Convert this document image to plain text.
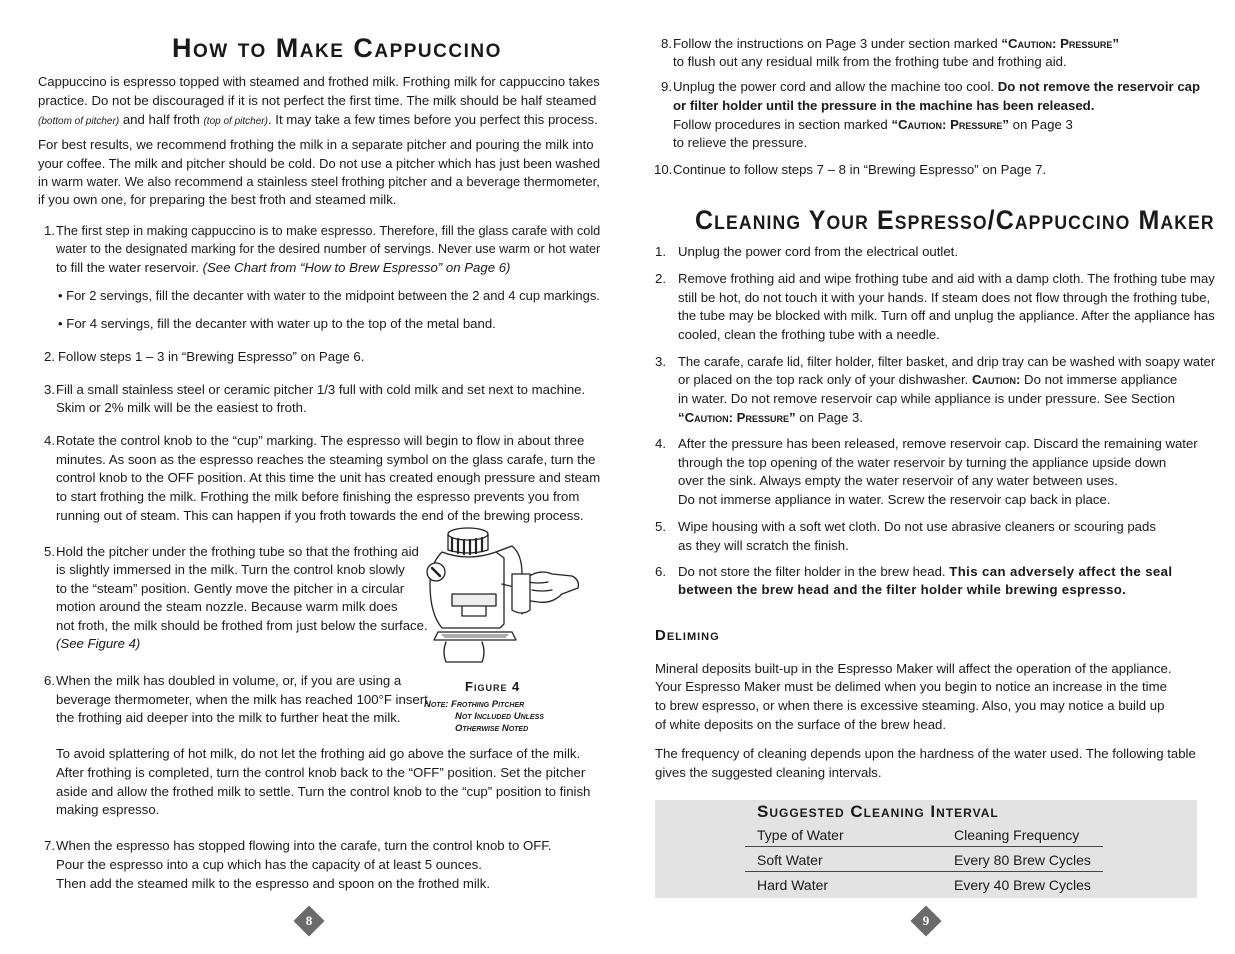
How to Make Cappuccino
Cappuccino is espresso topped with steamed and frothed milk. Frothing milk for cappuccino takes
practice. Do not be discouraged if it is not perfect the first time. The milk should be half steamed
(bottom of pitcher) and half froth (top of pitcher). It may take a few times before you perfect this process.
For best results, we recommend frothing the milk in a separate pitcher and pouring the milk into
your coffee. The milk and pitcher should be cold. Do not use a pitcher which has just been washed
in warm water. We also recommend a stainless steel frothing pitcher and a beverage thermometer,
if you own one, for preparing the best froth and steamed milk.
1. The first step in making cappuccino is to make espresso. Therefore, fill the glass carafe with cold
water to the designated marking for the desired number of servings. Never use warm or hot water
to fill the water reservoir. (See Chart from “How to Brew Espresso” on Page 6)
• For 2 servings, fill the decanter with water to the midpoint between the 2 and 4 cup markings.
• For 4 servings, fill the decanter with water up to the top of the metal band.
2. Follow steps 1 – 3 in “Brewing Espresso” on Page 6.
3. Fill a small stainless steel or ceramic pitcher 1/3 full with cold milk and set next to machine.
Skim or 2% milk will be the easiest to froth.
4. Rotate the control knob to the “cup” marking. The espresso will begin to flow in about three
minutes. As soon as the espresso reaches the steaming symbol on the glass carafe, turn the
control knob to the OFF position. At this time the unit has created enough pressure and steam
to start frothing the milk. Frothing the milk before finishing the espresso prevents you from
running out of steam. This can happen if you froth towards the end of the brewing process.
5. Hold the pitcher under the frothing tube so that the frothing aid
is slightly immersed in the milk. Turn the control knob slowly
to the “steam” position. Gently move the pitcher in a circular
motion around the steam nozzle. Because warm milk does
not froth, the milk should be frothed from just below the surface.
(See Figure 4)
Figure 4
Note: Frothing Pitcher
Not Included Unless
Otherwise Noted
6. When the milk has doubled in volume, or, if you are using a
beverage thermometer, when the milk has reached 100°F insert
the frothing aid deeper into the milk to further heat the milk.
To avoid splattering of hot milk, do not let the frothing aid go above the surface of the milk.
After frothing is completed, turn the control knob back to the “OFF” position. Set the pitcher
aside and allow the frothed milk to settle. Turn the control knob to the “cup” position to finish
making espresso.
7. When the espresso has stopped flowing into the carafe, turn the control knob to OFF.
Pour the espresso into a cup which has the capacity of at least 5 ounces.
Then add the steamed milk to the espresso and spoon on the frothed milk.
8
8. Follow the instructions on Page 3 under section marked “Caution: Pressure”
to flush out any residual milk from the frothing tube and frothing aid.
9. Unplug the power cord and allow the machine too cool. Do not remove the reservoir cap
or filter holder until the pressure in the machine has been released.
Follow procedures in section marked “Caution: Pressure” on Page 3
to relieve the pressure.
10. Continue to follow steps 7 – 8 in “Brewing Espresso” on Page 7.
Cleaning Your Espresso/Cappuccino Maker
1. Unplug the power cord from the electrical outlet.
2. Remove frothing aid and wipe frothing tube and aid with a damp cloth. The frothing tube may
still be hot, do not touch it with your hands. If steam does not flow through the frothing tube,
the tube may be blocked with milk. Turn off and unplug the appliance. After the appliance has
cooled, clean the frothing tube with a needle.
3. The carafe, carafe lid, filter holder, filter basket, and drip tray can be washed with soapy water
or placed on the top rack only of your dishwasher. Caution: Do not immerse appliance
in water. Do not remove reservoir cap while appliance is under pressure. See Section
“Caution: Pressure” on Page 3.
4. After the pressure has been released, remove reservoir cap. Discard the remaining water
through the top opening of the water reservoir by turning the appliance upside down
over the sink. Always empty the water reservoir of any water between uses.
Do not immerse appliance in water. Screw the reservoir cap back in place.
5. Wipe housing with a soft wet cloth. Do not use abrasive cleaners or scouring pads
as they will scratch the finish.
6. Do not store the filter holder in the brew head. This can adversely affect the seal
between the brew head and the filter holder while brewing espresso.
Deliming
Mineral deposits built-up in the Espresso Maker will affect the operation of the appliance.
Your Espresso Maker must be delimed when you begin to notice an increase in the time
to brew espresso, or when there is excessive steaming. Also, you may notice a build up
of white deposits on the surface of the brew head.
The frequency of cleaning depends upon the hardness of the water used. The following table
gives the suggested cleaning intervals.
Suggested Cleaning Interval
Type of Water	Cleaning Frequency
Soft Water	Every 80 Brew Cycles
Hard Water	Every 40 Brew Cycles
9
